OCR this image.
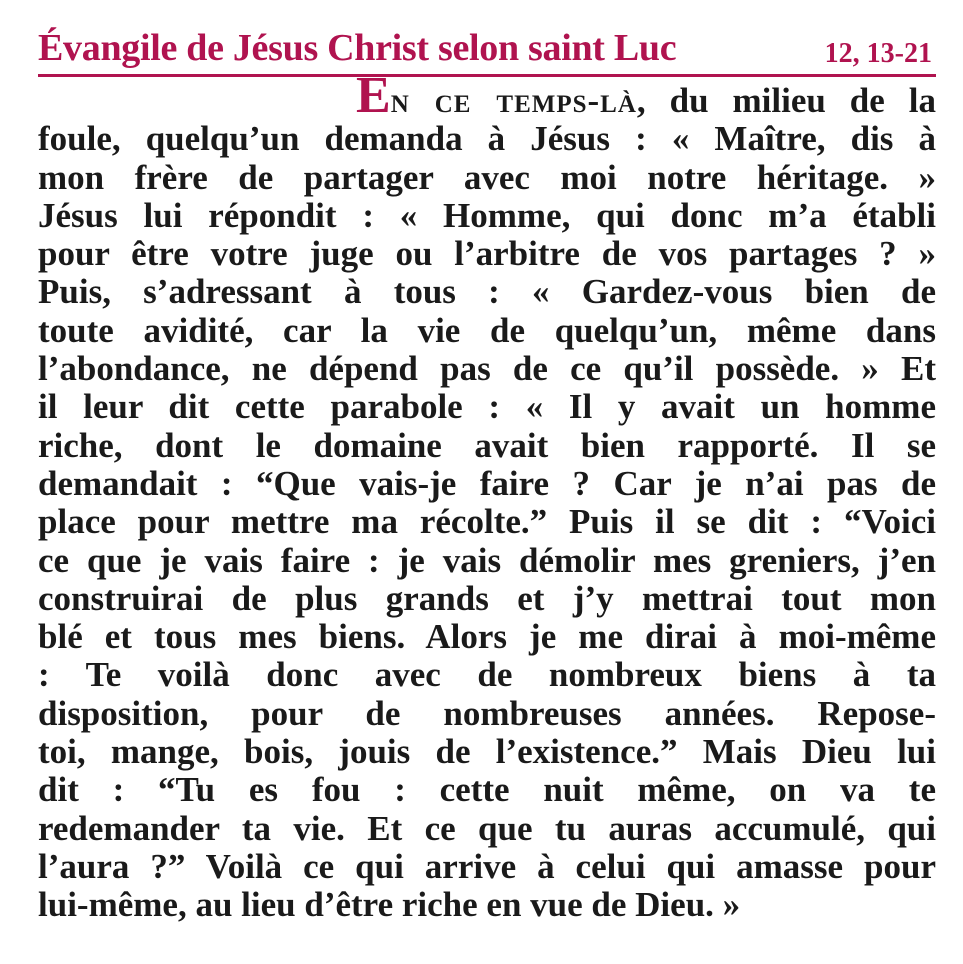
Évangile de Jésus Christ selon saint Luc	12, 13-21
En ce temps-là, du milieu de la
foule, quelqu’un demanda à Jésus : « Maître, dis à
mon frère de partager avec moi notre héritage. »
Jésus lui répondit : « Homme, qui donc m’a établi
pour être votre juge ou l’arbitre de vos partages ? »
Puis, s’adressant à tous : « Gardez-vous bien de
toute avidité, car la vie de quelqu’un, même dans
l’abondance, ne dépend pas de ce qu’il possède. » Et
il leur dit cette parabole : « Il y avait un homme
riche, dont le domaine avait bien rapporté. Il se
demandait : “Que vais-je faire ? Car je n’ai pas de
place pour mettre ma récolte.” Puis il se dit : “Voici
ce que je vais faire : je vais démolir mes greniers, j’en
construirai de plus grands et j’y mettrai tout mon
blé et tous mes biens. Alors je me dirai à moi-même
: Te voilà donc avec de nombreux biens à ta
disposition, pour de nombreuses années. Repose-
toi, mange, bois, jouis de l’existence.” Mais Dieu lui
dit : “Tu es fou : cette nuit même, on va te
redemander ta vie. Et ce que tu auras accumulé, qui
l’aura ?” Voilà ce qui arrive à celui qui amasse pour
lui-même, au lieu d’être riche en vue de Dieu. »
